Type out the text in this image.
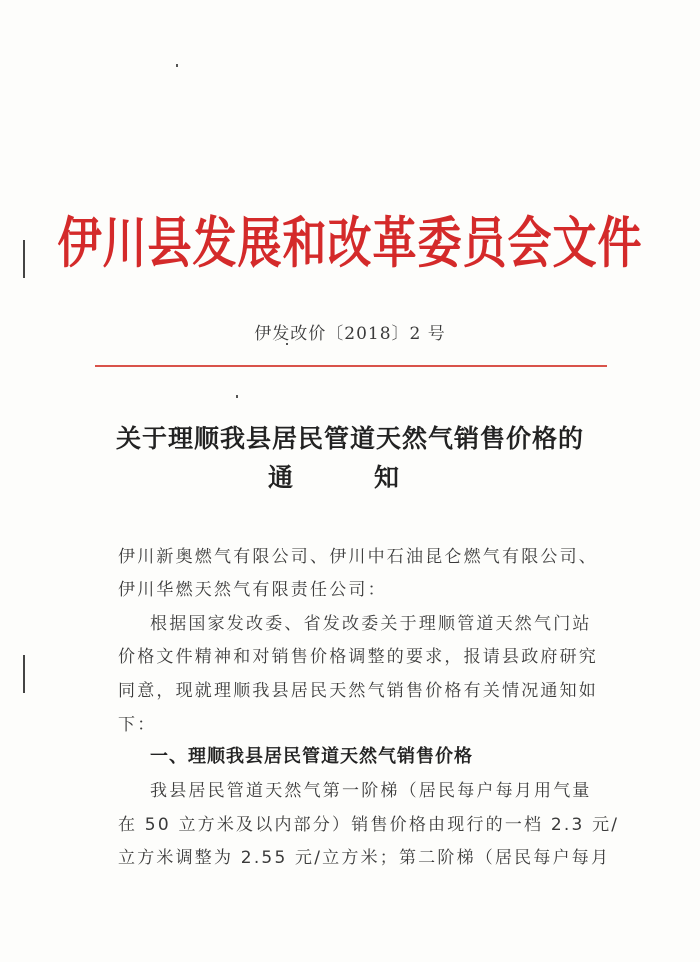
伊川县发展和改革委员会文件
伊发改价〔2018〕2 号
关于理顺我县居民管道天然气销售价格的
通	知
伊川新奥燃气有限公司、伊川中石油昆仑燃气有限公司、
伊川华燃天然气有限责任公司：
根据国家发改委、省发改委关于理顺管道天然气门站
价格文件精神和对销售价格调整的要求，报请县政府研究
同意，现就理顺我县居民天然气销售价格有关情况通知如
下：
一、理顺我县居民管道天然气销售价格
我县居民管道天然气第一阶梯（居民每户每月用气量
在 50 立方米及以内部分）销售价格由现行的一档 2.3 元/
立方米调整为 2.55 元/立方米；第二阶梯（居民每户每月
